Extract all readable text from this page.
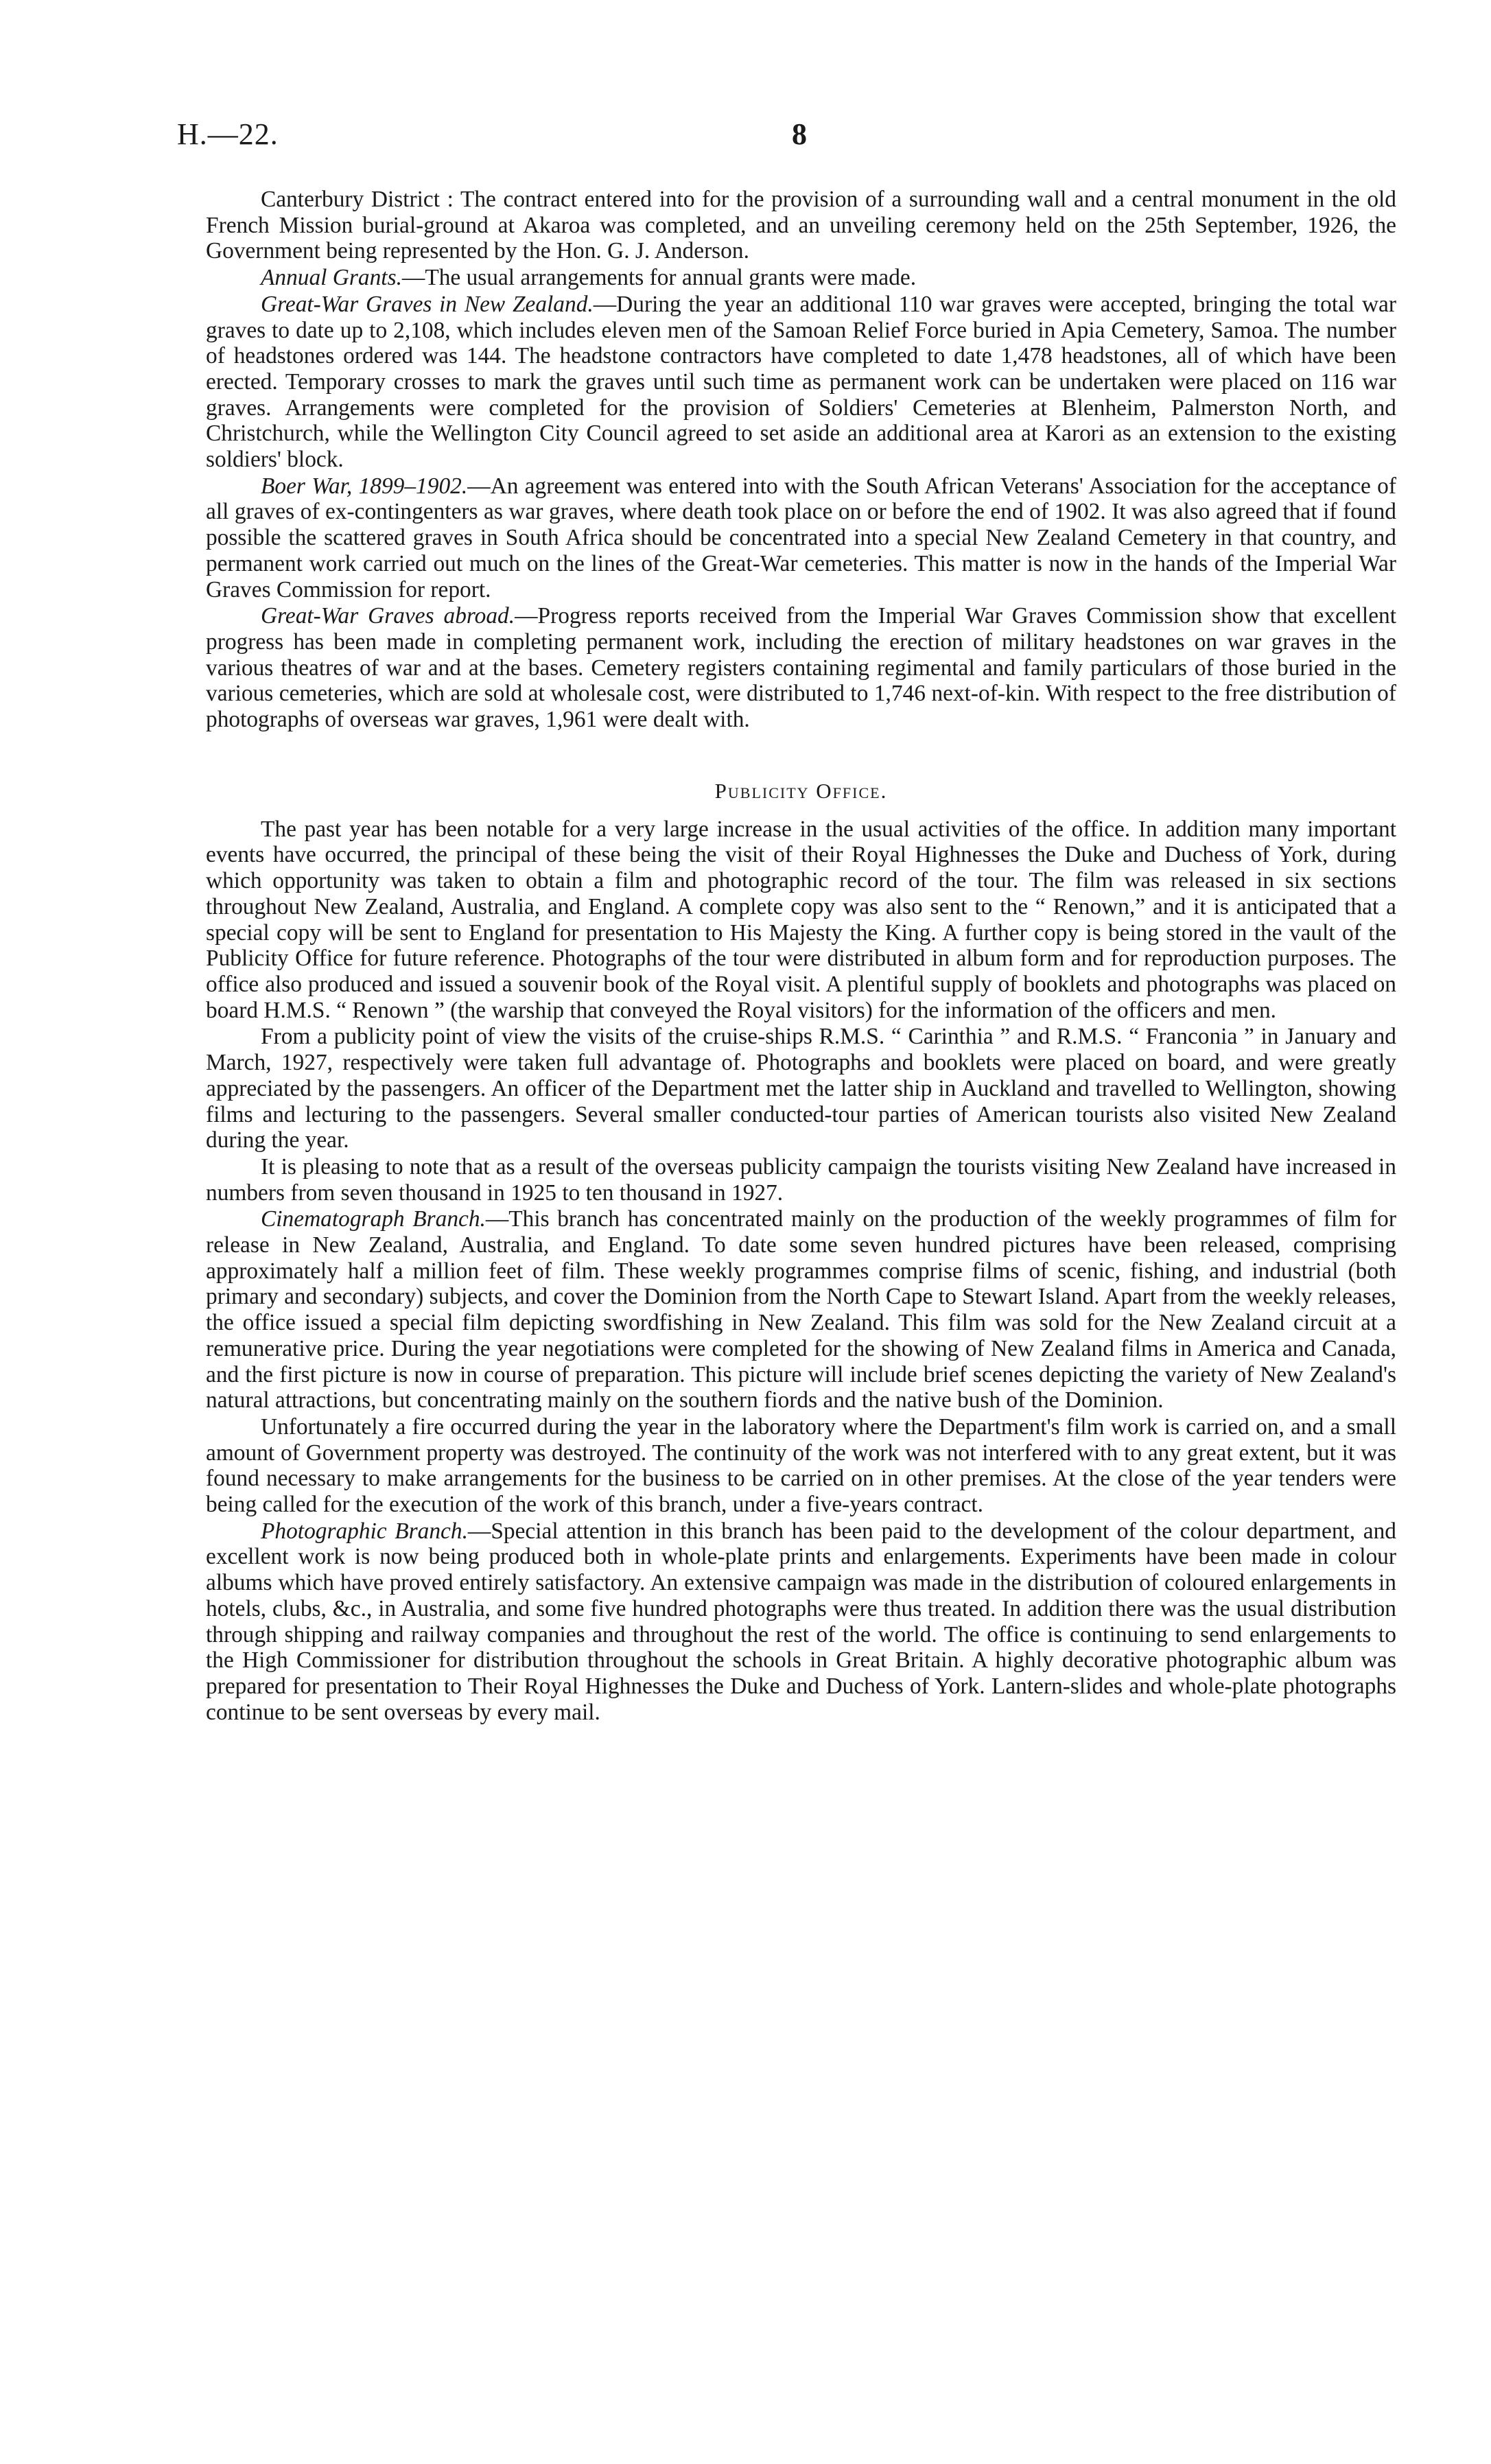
H.—22.	8

Canterbury District : The contract entered into for the provision of a surrounding wall and a central monument in the old French Mission burial-ground at Akaroa was completed, and an unveiling ceremony held on the 25th September, 1926, the Government being represented by the Hon. G. J. Anderson.

Annual Grants.—The usual arrangements for annual grants were made.

Great-War Graves in New Zealand.—During the year an additional 110 war graves were accepted, bringing the total war graves to date up to 2,108, which includes eleven men of the Samoan Relief Force buried in Apia Cemetery, Samoa. The number of headstones ordered was 144. The headstone contractors have completed to date 1,478 headstones, all of which have been erected. Temporary crosses to mark the graves until such time as permanent work can be undertaken were placed on 116 war graves. Arrangements were completed for the provision of Soldiers' Cemeteries at Blenheim, Palmerston North, and Christchurch, while the Wellington City Council agreed to set aside an additional area at Karori as an extension to the existing soldiers' block.

Boer War, 1899–1902.—An agreement was entered into with the South African Veterans' Association for the acceptance of all graves of ex-contingenters as war graves, where death took place on or before the end of 1902. It was also agreed that if found possible the scattered graves in South Africa should be concentrated into a special New Zealand Cemetery in that country, and permanent work carried out much on the lines of the Great-War cemeteries. This matter is now in the hands of the Imperial War Graves Commission for report.

Great-War Graves abroad.—Progress reports received from the Imperial War Graves Commission show that excellent progress has been made in completing permanent work, including the erection of military headstones on war graves in the various theatres of war and at the bases. Cemetery registers containing regimental and family particulars of those buried in the various cemeteries, which are sold at wholesale cost, were distributed to 1,746 next-of-kin. With respect to the free distribution of photographs of overseas war graves, 1,961 were dealt with.

Publicity Office.

The past year has been notable for a very large increase in the usual activities of the office. In addition many important events have occurred, the principal of these being the visit of their Royal Highnesses the Duke and Duchess of York, during which opportunity was taken to obtain a film and photographic record of the tour. The film was released in six sections throughout New Zealand, Australia, and England. A complete copy was also sent to the “ Renown,” and it is anticipated that a special copy will be sent to England for presentation to His Majesty the King. A further copy is being stored in the vault of the Publicity Office for future reference. Photographs of the tour were distributed in album form and for reproduction purposes. The office also produced and issued a souvenir book of the Royal visit. A plentiful supply of booklets and photographs was placed on board H.M.S. “ Renown ” (the warship that conveyed the Royal visitors) for the information of the officers and men.

From a publicity point of view the visits of the cruise-ships R.M.S. “ Carinthia ” and R.M.S. “ Franconia ” in January and March, 1927, respectively were taken full advantage of. Photographs and booklets were placed on board, and were greatly appreciated by the passengers. An officer of the Department met the latter ship in Auckland and travelled to Wellington, showing films and lecturing to the passengers. Several smaller conducted-tour parties of American tourists also visited New Zealand during the year.

It is pleasing to note that as a result of the overseas publicity campaign the tourists visiting New Zealand have increased in numbers from seven thousand in 1925 to ten thousand in 1927.

Cinematograph Branch.—This branch has concentrated mainly on the production of the weekly programmes of film for release in New Zealand, Australia, and England. To date some seven hundred pictures have been released, comprising approximately half a million feet of film. These weekly programmes comprise films of scenic, fishing, and industrial (both primary and secondary) subjects, and cover the Dominion from the North Cape to Stewart Island. Apart from the weekly releases, the office issued a special film depicting swordfishing in New Zealand. This film was sold for the New Zealand circuit at a remunerative price. During the year negotiations were completed for the showing of New Zealand films in America and Canada, and the first picture is now in course of preparation. This picture will include brief scenes depicting the variety of New Zealand's natural attractions, but concentrating mainly on the southern fiords and the native bush of the Dominion.

Unfortunately a fire occurred during the year in the laboratory where the Department's film work is carried on, and a small amount of Government property was destroyed. The continuity of the work was not interfered with to any great extent, but it was found necessary to make arrangements for the business to be carried on in other premises. At the close of the year tenders were being called for the execution of the work of this branch, under a five-years contract.

Photographic Branch.—Special attention in this branch has been paid to the development of the colour department, and excellent work is now being produced both in whole-plate prints and enlargements. Experiments have been made in colour albums which have proved entirely satisfactory. An extensive campaign was made in the distribution of coloured enlargements in hotels, clubs, &c., in Australia, and some five hundred photographs were thus treated. In addition there was the usual distribution through shipping and railway companies and throughout the rest of the world. The office is continuing to send enlargements to the High Commissioner for distribution throughout the schools in Great Britain. A highly decorative photographic album was prepared for presentation to Their Royal Highnesses the Duke and Duchess of York. Lantern-slides and whole-plate photographs continue to be sent overseas by every mail.
